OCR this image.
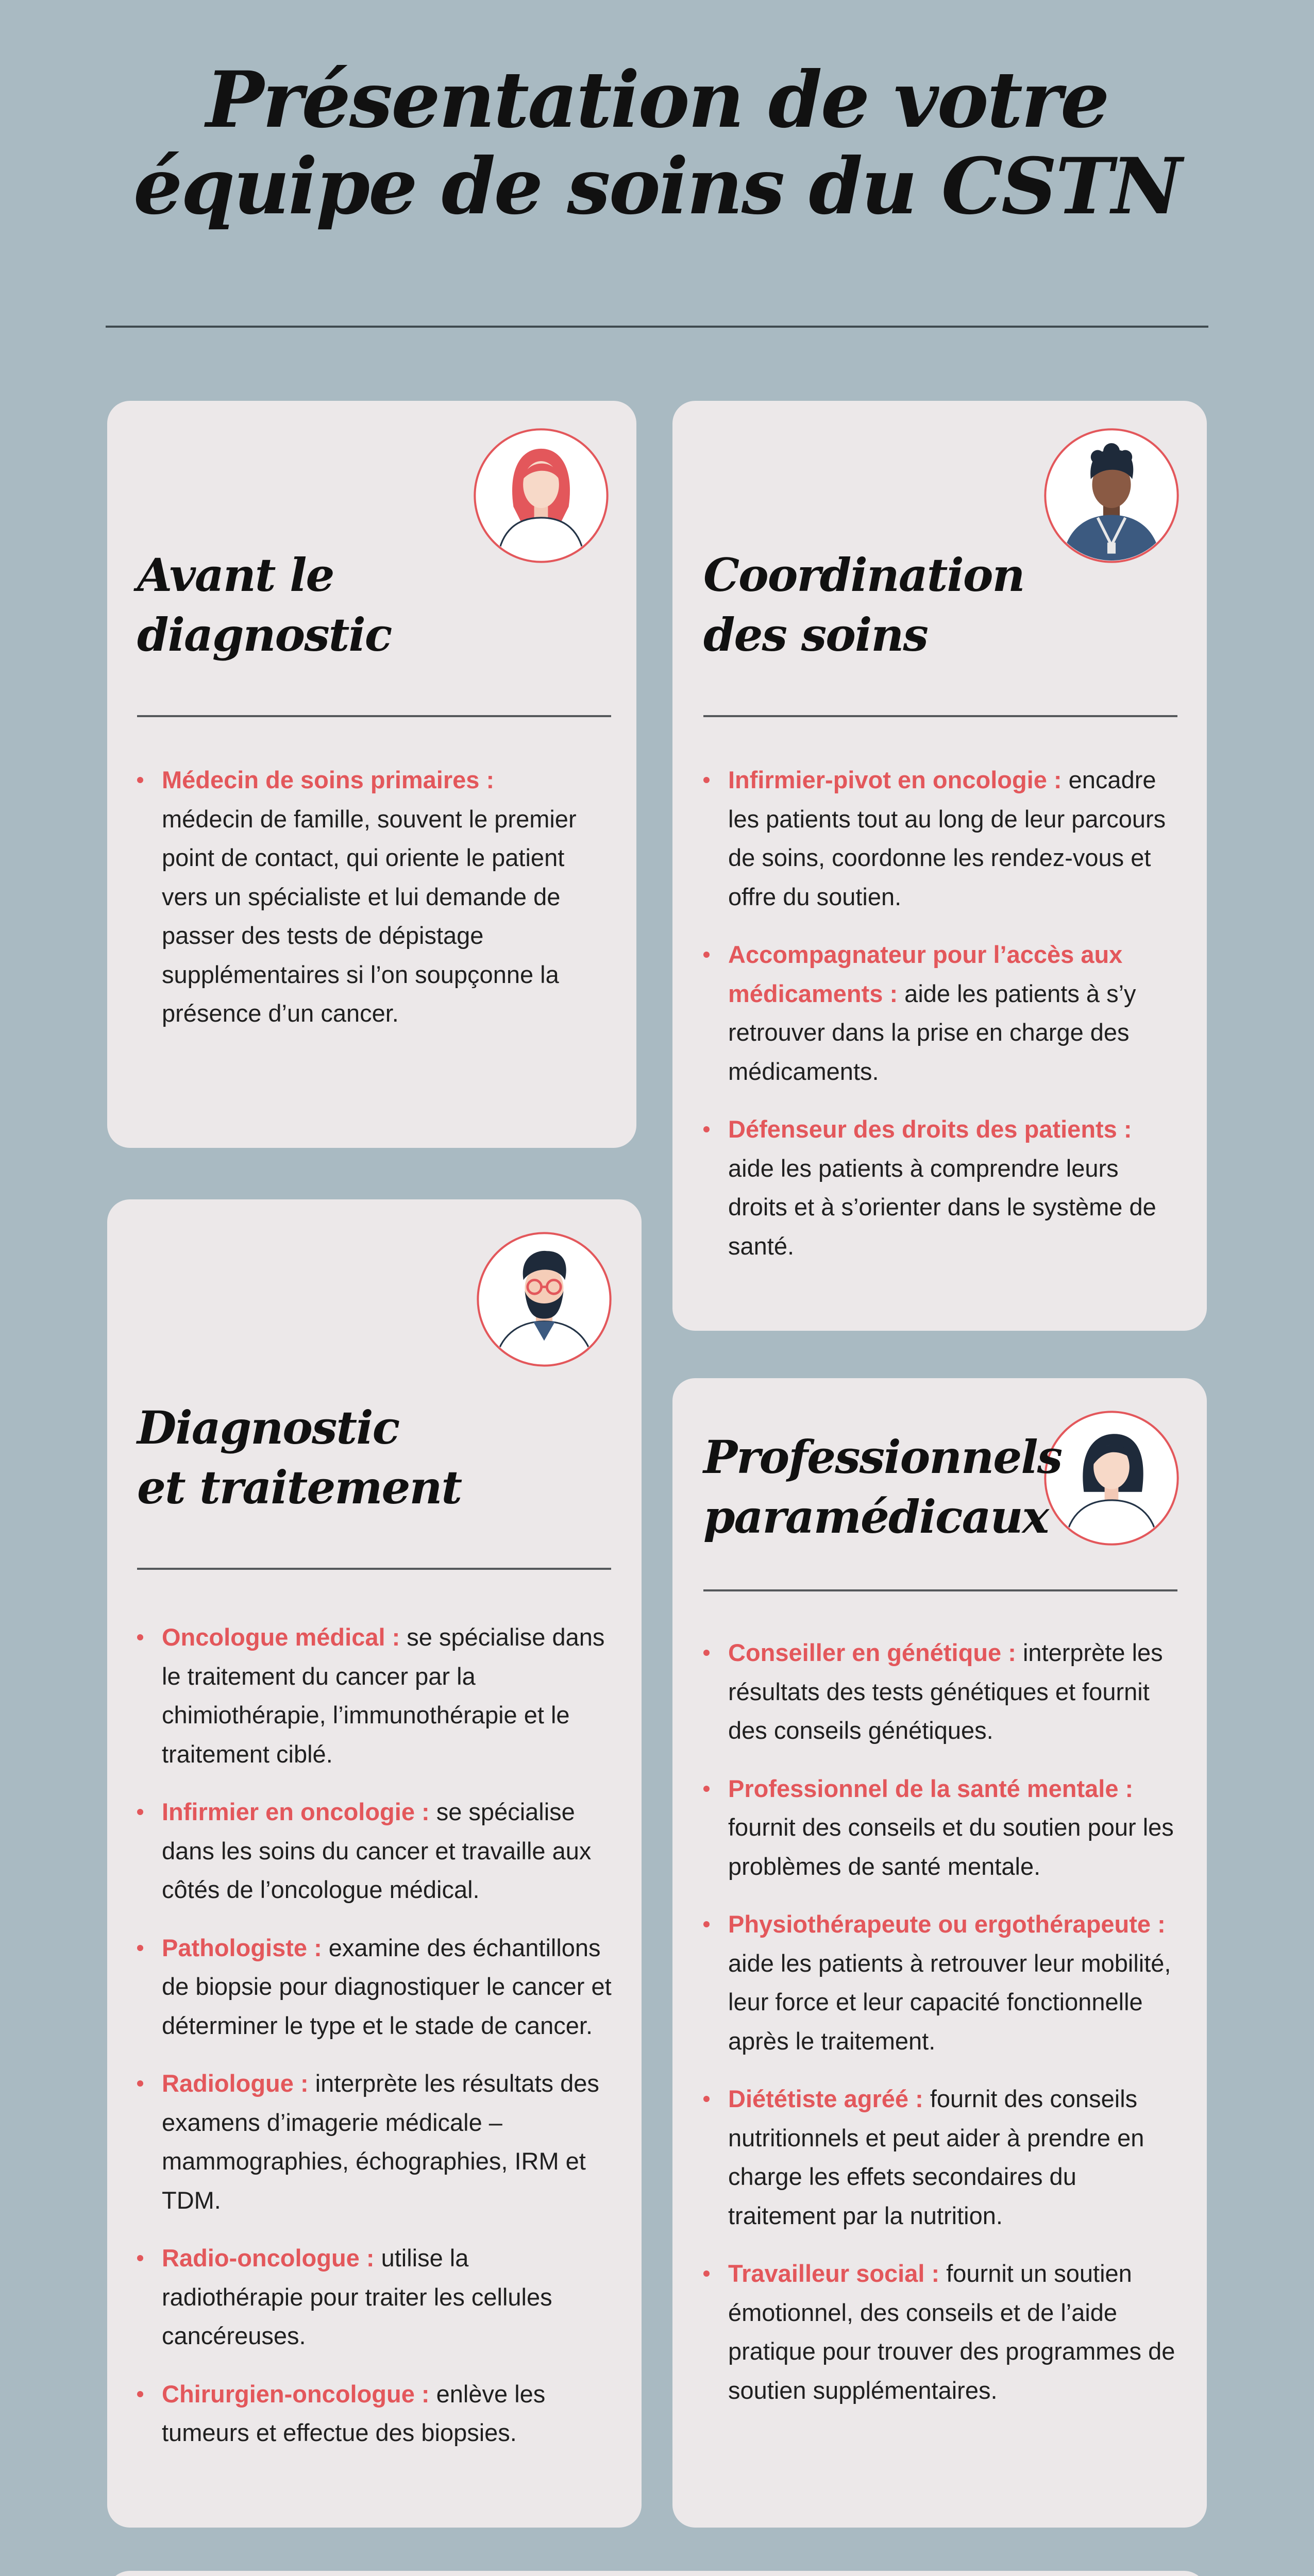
Présentation de votre
équipe de soins du CSTN
Avant le
diagnostic
Médecin de soins primaires : médecin de famille, souvent le premier point de contact, qui oriente le patient vers un spécialiste et lui demande de passer des tests de dépistage supplémentaires si l’on soupçonne la présence d’un cancer.
Coordination
des soins
Infirmier-pivot en oncologie : encadre les patients tout au long de leur parcours de soins, coordonne les rendez-vous et offre du soutien.
Accompagnateur pour l’accès aux médicaments : aide les patients à s’y retrouver dans la prise en charge des médicaments.
Défenseur des droits des patients : aide les patients à comprendre leurs droits et à s’orienter dans le système de santé.
Diagnostic
et traitement
Oncologue médical : se spécialise dans le traitement du cancer par la chimiothérapie, l’immunothérapie et le traitement ciblé.
Infirmier en oncologie : se spécialise dans les soins du cancer et travaille aux côtés de l’oncologue médical.
Pathologiste : examine des échantillons de biopsie pour diagnostiquer le cancer et déterminer le type et le stade de cancer.
Radiologue : interprète les résultats des examens d’imagerie médicale – mammographies, échographies, IRM et TDM.
Radio-oncologue : utilise la radiothérapie pour traiter les cellules cancéreuses.
Chirurgien-oncologue : enlève les tumeurs et effectue des biopsies.
Professionnels
paramédicaux
Conseiller en génétique : interprète les résultats des tests génétiques et fournit des conseils génétiques.
Professionnel de la santé mentale : fournit des conseils et du soutien pour les problèmes de santé mentale.
Physiothérapeute ou ergothérapeute : aide les patients à retrouver leur mobilité, leur force et leur capacité fonctionnelle après le traitement.
Diététiste agréé : fournit des conseils nutritionnels et peut aider à prendre en charge les effets secondaires du traitement par la nutrition.
Travailleur social : fournit un soutien émotionnel, des conseils et de l’aide pratique pour trouver des programmes de soutien supplémentaires.
